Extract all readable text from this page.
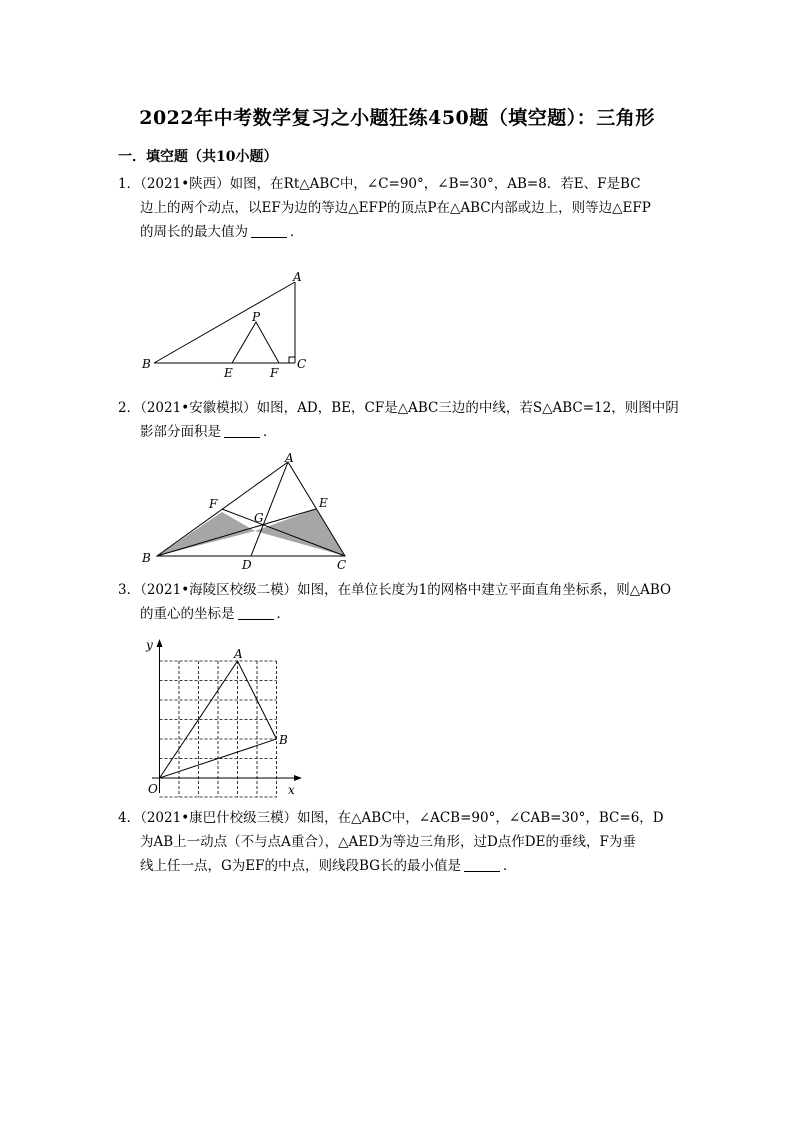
2022年中考数学复习之小题狂练450题（填空题）：三角形
一．填空题（共10小题）
1．（2021•陕西）如图，在Rt△ABC中，∠C=90°，∠B=30°，AB=8．若E、F是BC
边上的两个动点，以EF为边的等边△EFP的顶点P在△ABC内部或边上，则等边△EFP
的周长的最大值为	．
A
B	C
P
E	F
2．（2021•安徽模拟）如图，AD，BE，CF是△ABC三边的中线，若S△ABC=12，则图中阴
影部分面积是	．
A
B	C
D
E
F
G
3．（2021•海陵区校级二模）如图，在单位长度为1的网格中建立平面直角坐标系，则△ABO
的重心的坐标是	．
y
x
O
A
B
4．（2021•康巴什校级三模）如图，在△ABC中，∠ACB=90°，∠CAB=30°，BC=6，D
为AB上一动点（不与点A重合），△AED为等边三角形，过D点作DE的垂线，F为垂
线上任一点，G为EF的中点，则线段BG长的最小值是	．
